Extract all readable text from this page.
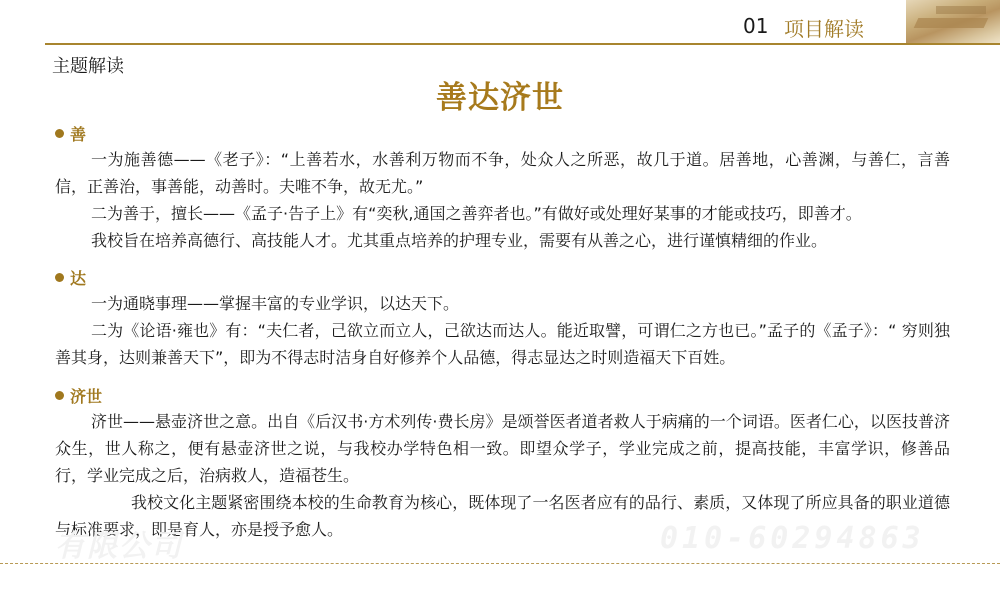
01 项目解读
主题解读
善达济世
善
一为施善德——《老子》：“上善若水，水善利万物而不争，处众人之所恶，故几于道。居善地，心善渊，与善仁，言善信，正善治，事善能，动善时。夫唯不争，故无尤。”
二为善于，擅长——《孟子·告子上》有“奕秋,通国之善弈者也。”有做好或处理好某事的才能或技巧，即善才。
我校旨在培养高德行、高技能人才。尤其重点培养的护理专业，需要有从善之心，进行谨慎精细的作业。
达
一为通晓事理——掌握丰富的专业学识，以达天下。
二为《论语·雍也》有：“夫仁者，己欲立而立人，己欲达而达人。能近取譬，可谓仁之方也已。”孟子的《孟子》：“ 穷则独善其身，达则兼善天下”，即为不得志时洁身自好修养个人品德，得志显达之时则造福天下百姓。
济世
济世——悬壶济世之意。出自《后汉书·方术列传·费长房》是颂誉医者道者救人于病痛的一个词语。医者仁心，以医技普济众生，世人称之，便有悬壶济世之说，与我校办学特色相一致。即望众学子，学业完成之前，提高技能，丰富学识，修善品行，学业完成之后，治病救人，造福苍生。
我校文化主题紧密围绕本校的生命教育为核心，既体现了一名医者应有的品行、素质，又体现了所应具备的职业道德与标准要求，即是育人，亦是授予愈人。
有限公司	010-60294863
